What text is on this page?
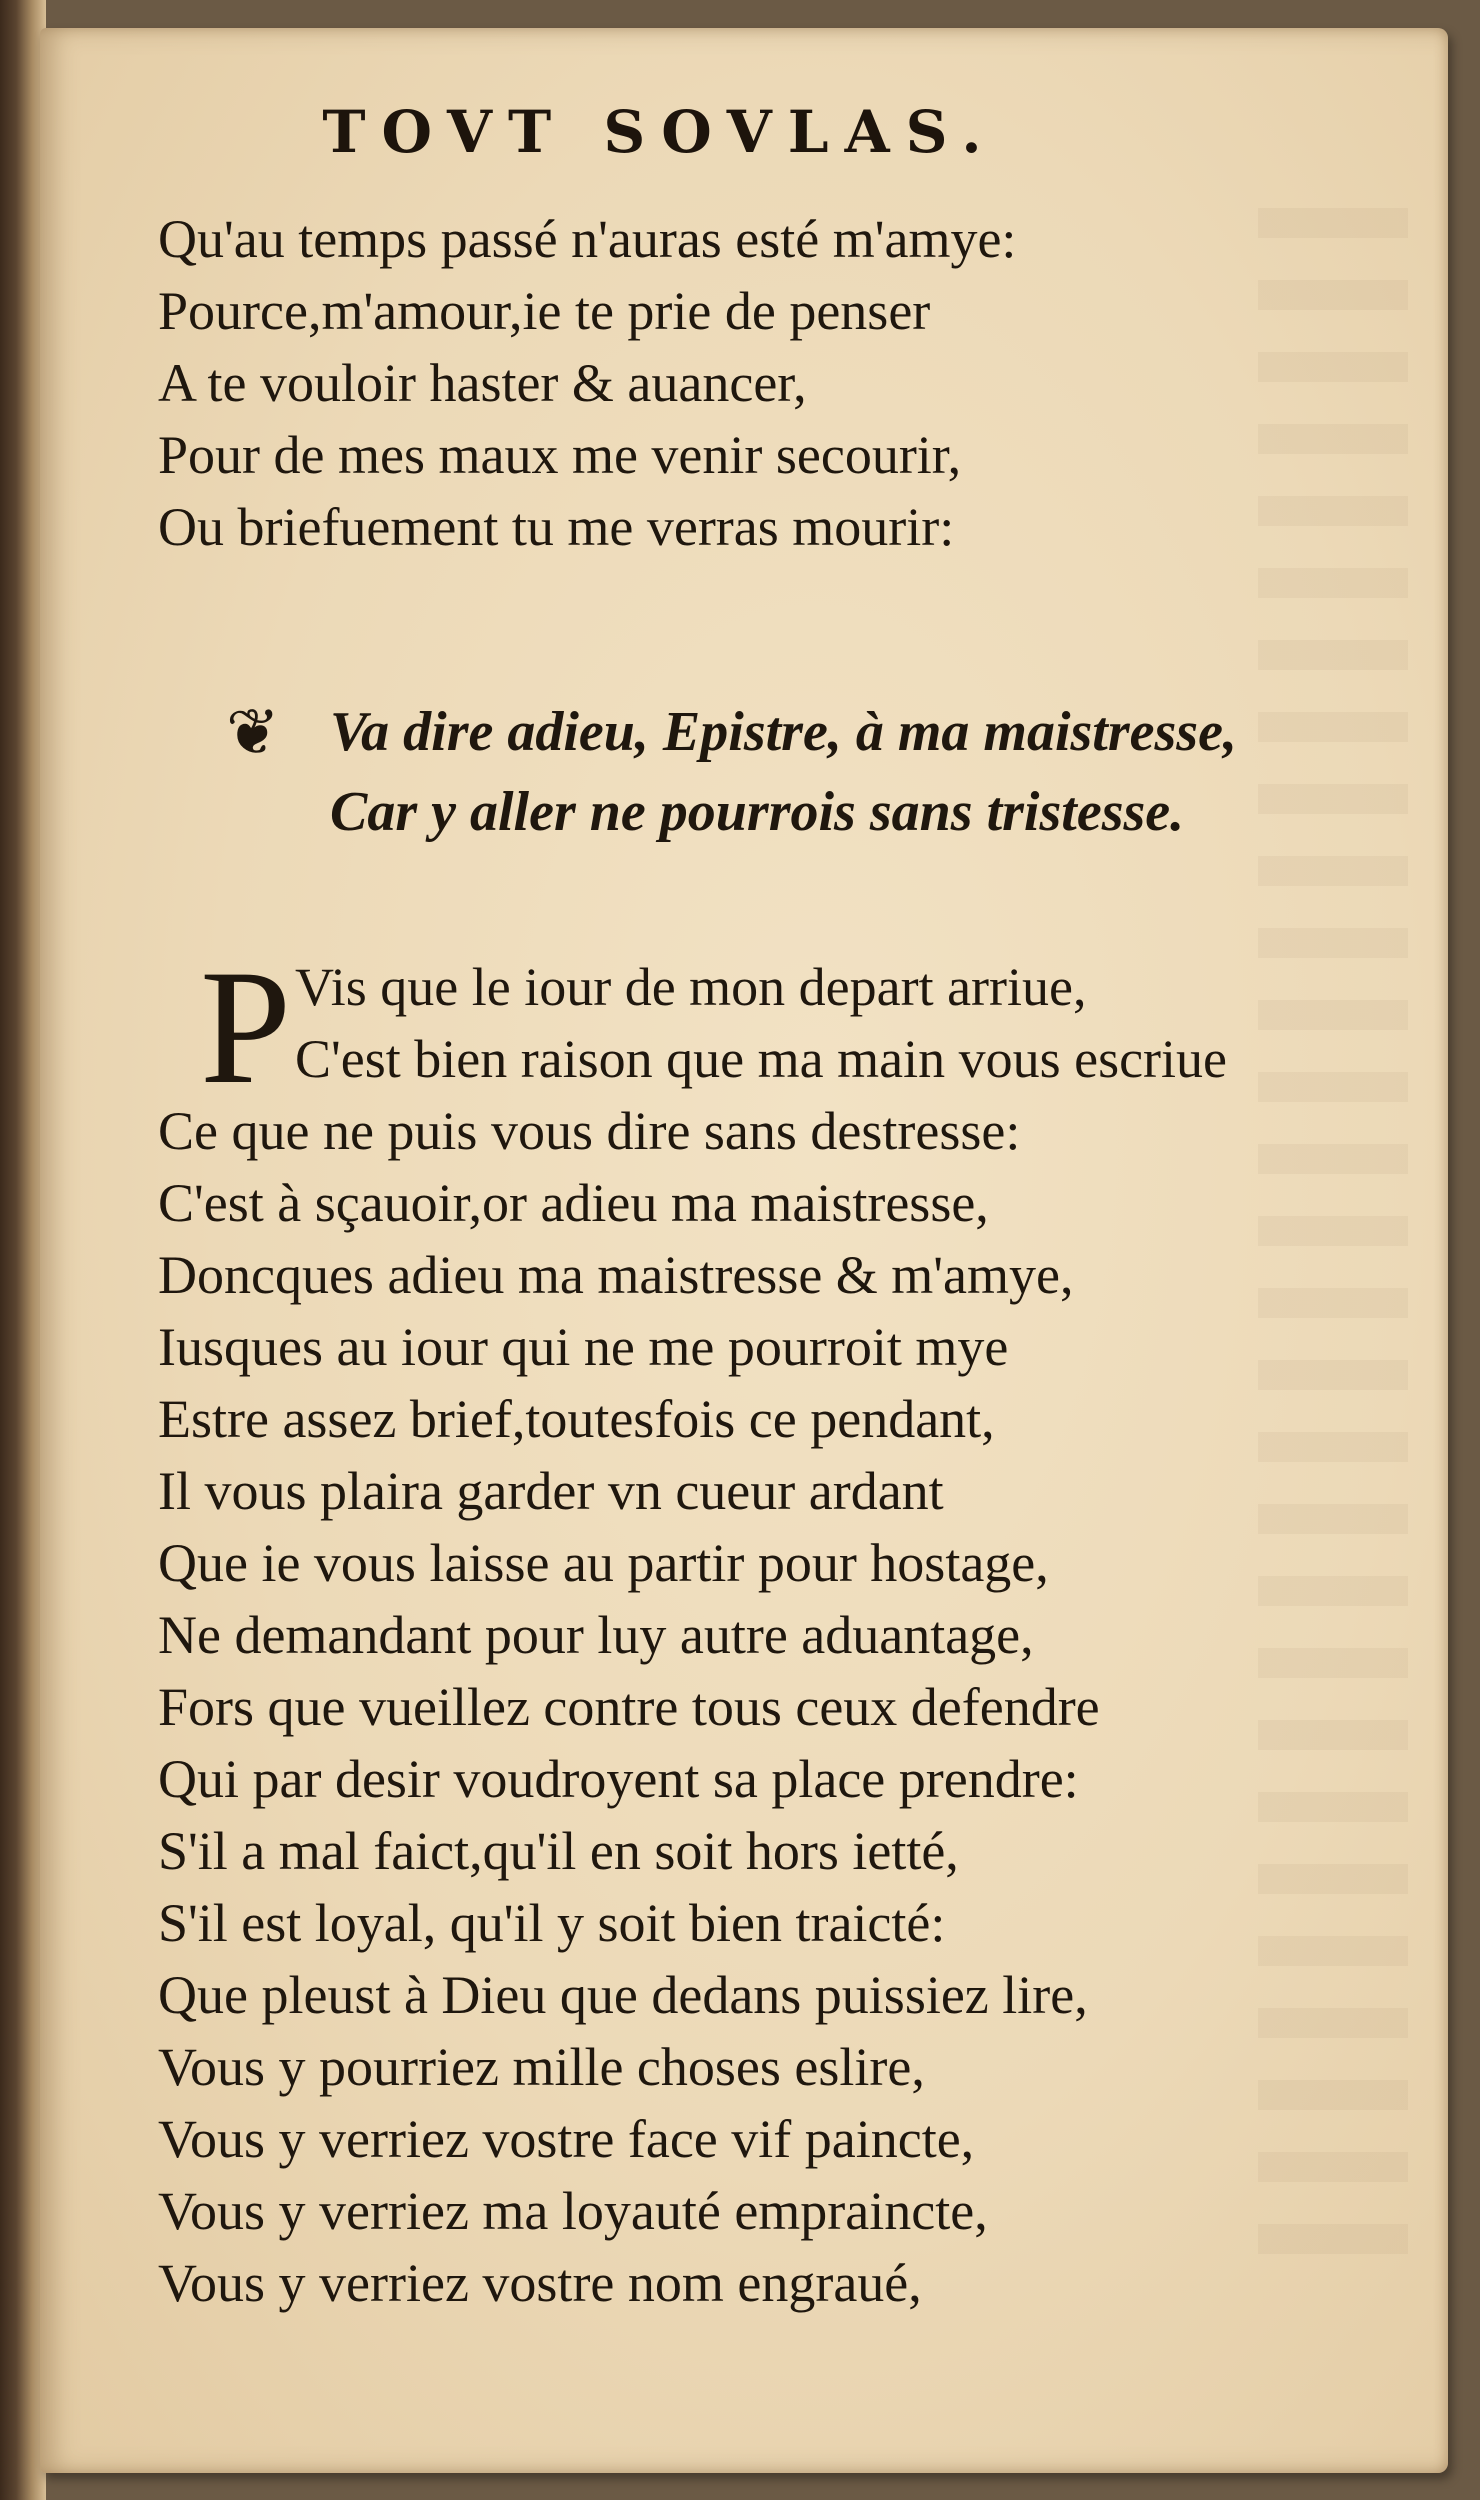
TOVT SOVLAS.
Qu'au temps passé n'auras esté m'amye:
Pource,m'amour,ie te prie de penser
A te vouloir haster & auancer,
Pour de mes maux me venir secourir,
Ou briefuement tu me verras mourir:
❦ Va dire adieu, Epistre, à ma maistresse,
Car y aller ne pourrois sans tristesse.
P Vis que le iour de mon depart arriue,
C'est bien raison que ma main vous escriue
Ce que ne puis vous dire sans destresse:
C'est à sçauoir,or adieu ma maistresse,
Doncques adieu ma maistresse & m'amye,
Iusques au iour qui ne me pourroit mye
Estre assez brief,toutesfois ce pendant,
Il vous plaira garder vn cueur ardant
Que ie vous laisse au partir pour hostage,
Ne demandant pour luy autre aduantage,
Fors que vueillez contre tous ceux defendre
Qui par desir voudroyent sa place prendre:
S'il a mal faict,qu'il en soit hors ietté,
S'il est loyal, qu'il y soit bien traicté:
Que pleust à Dieu que dedans puissiez lire,
Vous y pourriez mille choses eslire,
Vous y verriez vostre face vif paincte,
Vous y verriez ma loyauté empraincte,
Vous y verriez vostre nom engraué,
